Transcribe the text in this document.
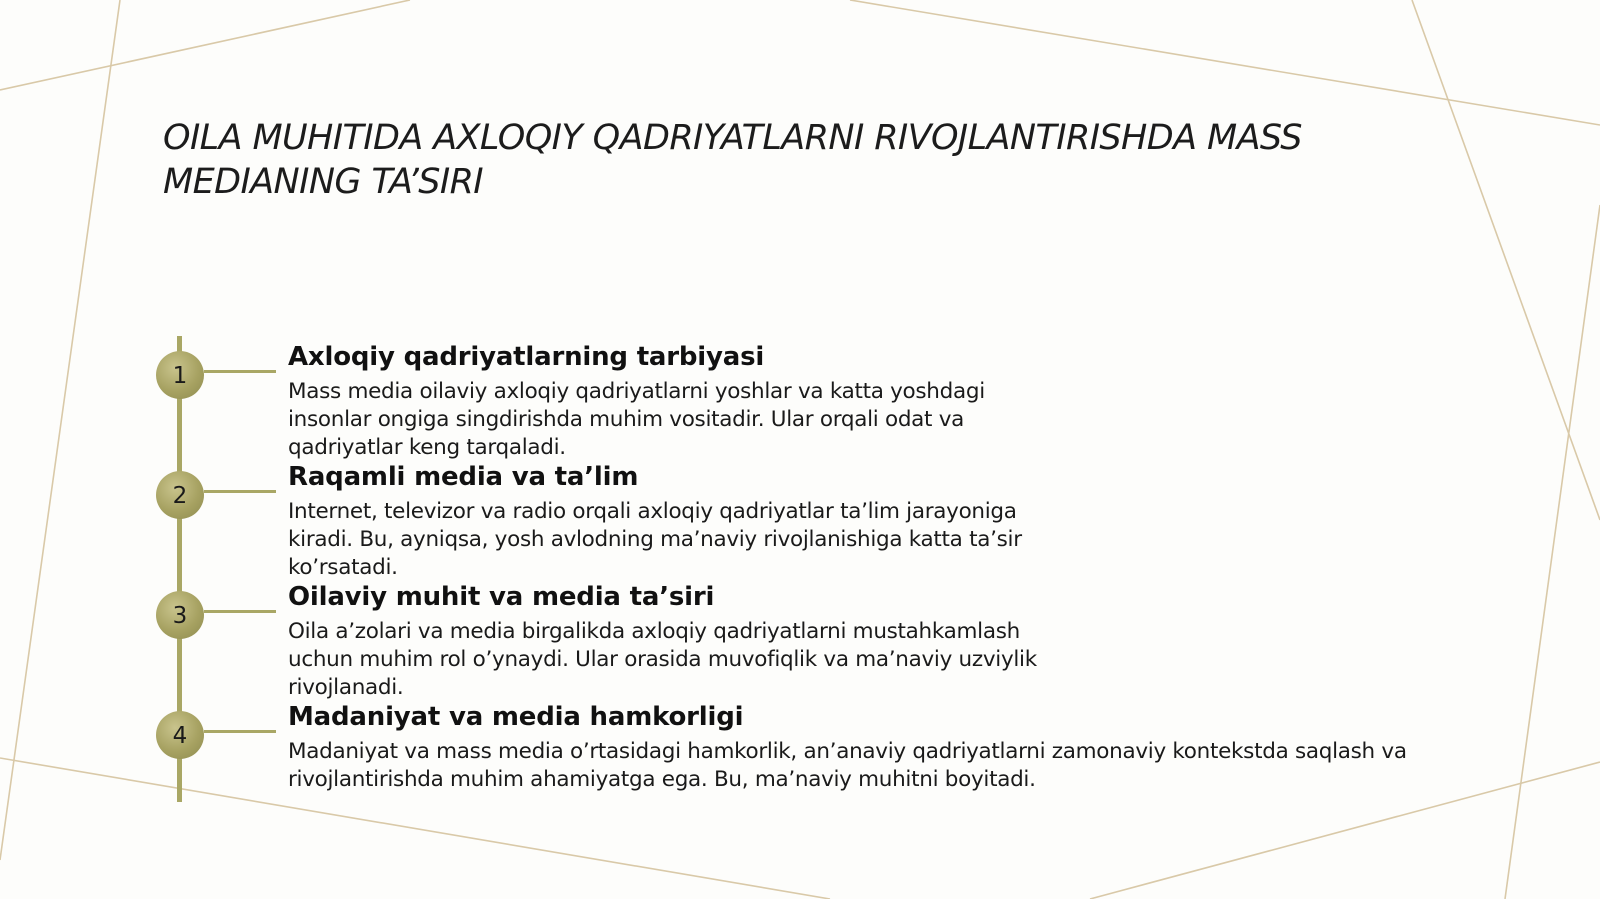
OILA MUHITIDA AXLOQIY QADRIYATLARNI RIVOJLANTIRISHDA MASS MEDIANING TA’SIRI
1
Axloqiy qadriyatlarning tarbiyasi

Mass media oilaviy axloqiy qadriyatlarni yoshlar va katta yoshdagi insonlar ongiga singdirishda muhim vositadir. Ular orqali odat va qadriyatlar keng tarqaladi.

2
Raqamli media va ta’lim

Internet, televizor va radio orqali axloqiy qadriyatlar ta’lim jarayoniga kiradi. Bu, ayniqsa, yosh avlodning ma’naviy rivojlanishiga katta ta’sir ko’rsatadi.

3
Oilaviy muhit va media ta’siri

Oila a’zolari va media birgalikda axloqiy qadriyatlarni mustahkamlash uchun muhim rol o’ynaydi. Ular orasida muvofiqlik va ma’naviy uzviylik rivojlanadi.

4
Madaniyat va media hamkorligi

Madaniyat va mass media o’rtasidagi hamkorlik, an’anaviy qadriyatlarni zamonaviy kontekstda saqlash va rivojlantirishda muhim ahamiyatga ega. Bu, ma’naviy muhitni boyitadi.
